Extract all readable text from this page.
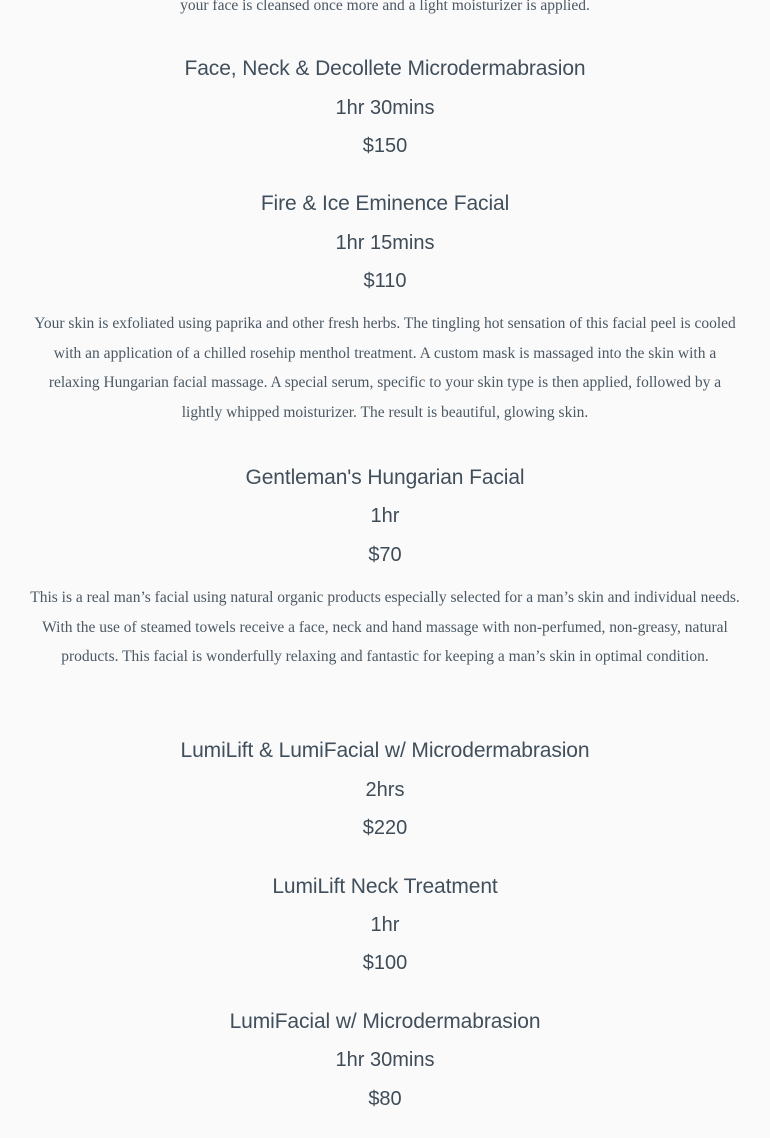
your face is cleansed once more and a light moisturizer is applied.

Face, Neck & Decollete Microdermabrasion
1hr 30mins
$150
Fire & Ice Eminence Facial
1hr 15mins
$110

Your skin is exfoliated using paprika and other fresh herbs. The tingling hot sensation of this facial peel is cooled with an application of a chilled rosehip menthol treatment. A custom mask is massaged into the skin with a relaxing Hungarian facial massage. A special serum, specific to your skin type is then applied, followed by a lightly whipped moisturizer. The result is beautiful, glowing skin.

Gentleman's Hungarian Facial
1hr
$70

This is a real man’s facial using natural organic products especially selected for a man’s skin and individual needs. With the use of steamed towels receive a face, neck and hand massage with non-perfumed, non-greasy, natural products. This facial is wonderfully relaxing and fantastic for keeping a man’s skin in optimal condition.

LumiLift & LumiFacial w/ Microdermabrasion
2hrs
$220
LumiLift Neck Treatment
1hr
$100
LumiFacial w/ Microdermabrasion
1hr 30mins
$80
